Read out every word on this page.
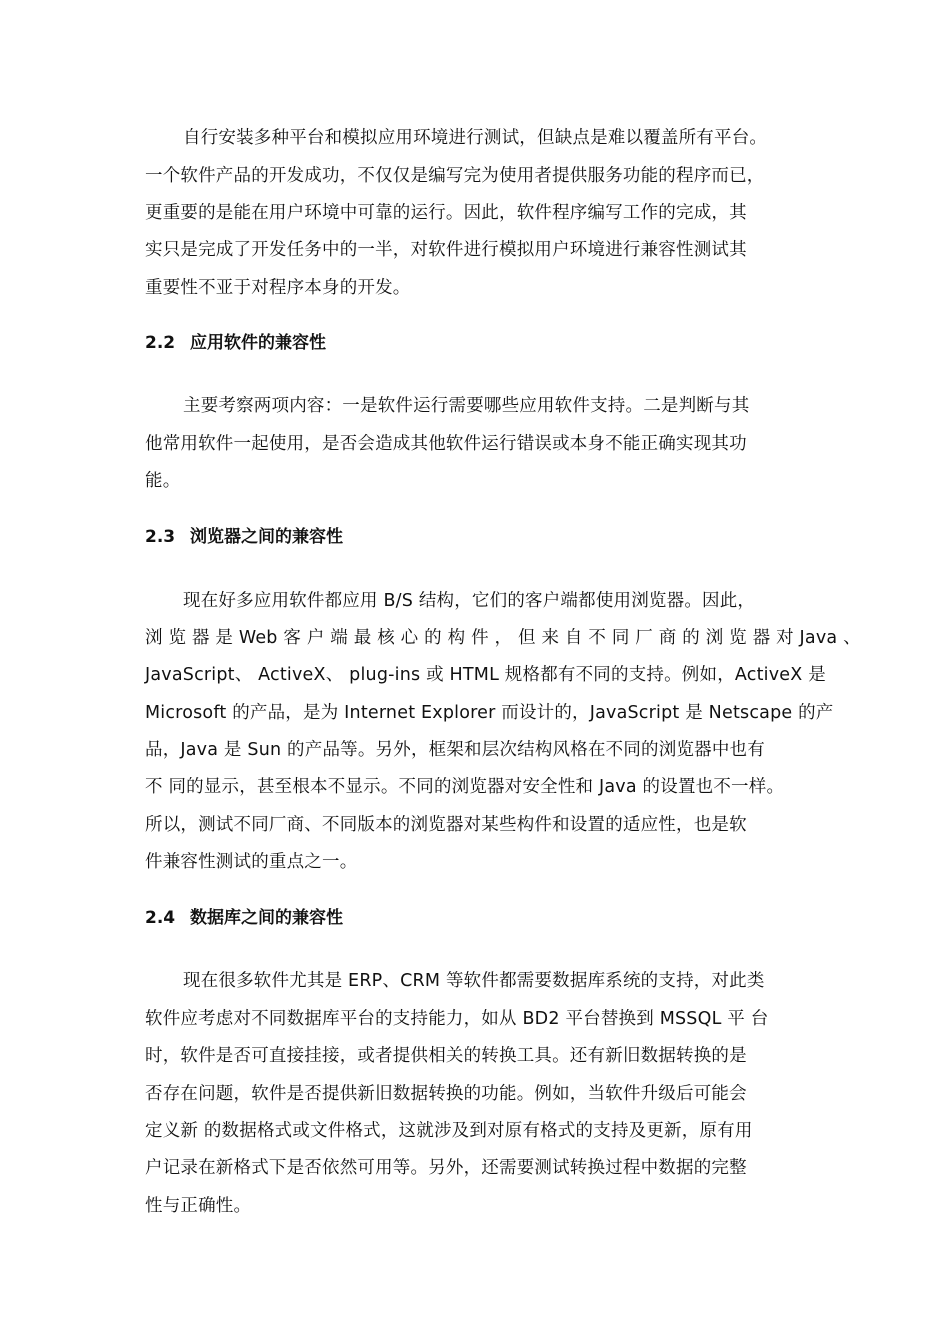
自行安装多种平台和模拟应用环境进行测试，但缺点是难以覆盖所有平台。
一个软件产品的开发成功，不仅仅是编写完为使用者提供服务功能的程序而已，
更重要的是能在用户环境中可靠的运行。因此，软件程序编写工作的完成，其
实只是完成了开发任务中的一半，对软件进行模拟用户环境进行兼容性测试其
重要性不亚于对程序本身的开发。
2.2 应用软件的兼容性
主要考察两项内容：一是软件运行需要哪些应用软件支持。二是判断与其
他常用软件一起使用，是否会造成其他软件运行错误或本身不能正确实现其功
能。
2.3 浏览器之间的兼容性
现在好多应用软件都应用 B/S 结构，它们的客户端都使用浏览器。因此，
浏 览 器 是 Web 客 户 端 最 核 心 的 构 件 ， 但 来 自 不 同 厂 商 的 浏 览 器 对 Java 、
JavaScript、 ActiveX、 plug-ins 或 HTML 规格都有不同的支持。例如，ActiveX 是
Microsoft 的产品，是为 Internet Explorer 而设计的，JavaScript 是 Netscape 的产
品，Java 是 Sun 的产品等。另外，框架和层次结构风格在不同的浏览器中也有
不 同的显示，甚至根本不显示。不同的浏览器对安全性和 Java 的设置也不一样。
所以，测试不同厂商、不同版本的浏览器对某些构件和设置的适应性，也是软
件兼容性测试的重点之一。
2.4 数据库之间的兼容性
现在很多软件尤其是 ERP、CRM 等软件都需要数据库系统的支持，对此类
软件应考虑对不同数据库平台的支持能力，如从 BD2 平台替换到 MSSQL 平 台
时，软件是否可直接挂接，或者提供相关的转换工具。还有新旧数据转换的是
否存在问题，软件是否提供新旧数据转换的功能。例如，当软件升级后可能会
定义新 的数据格式或文件格式，这就涉及到对原有格式的支持及更新，原有用
户记录在新格式下是否依然可用等。另外，还需要测试转换过程中数据的完整
性与正确性。
